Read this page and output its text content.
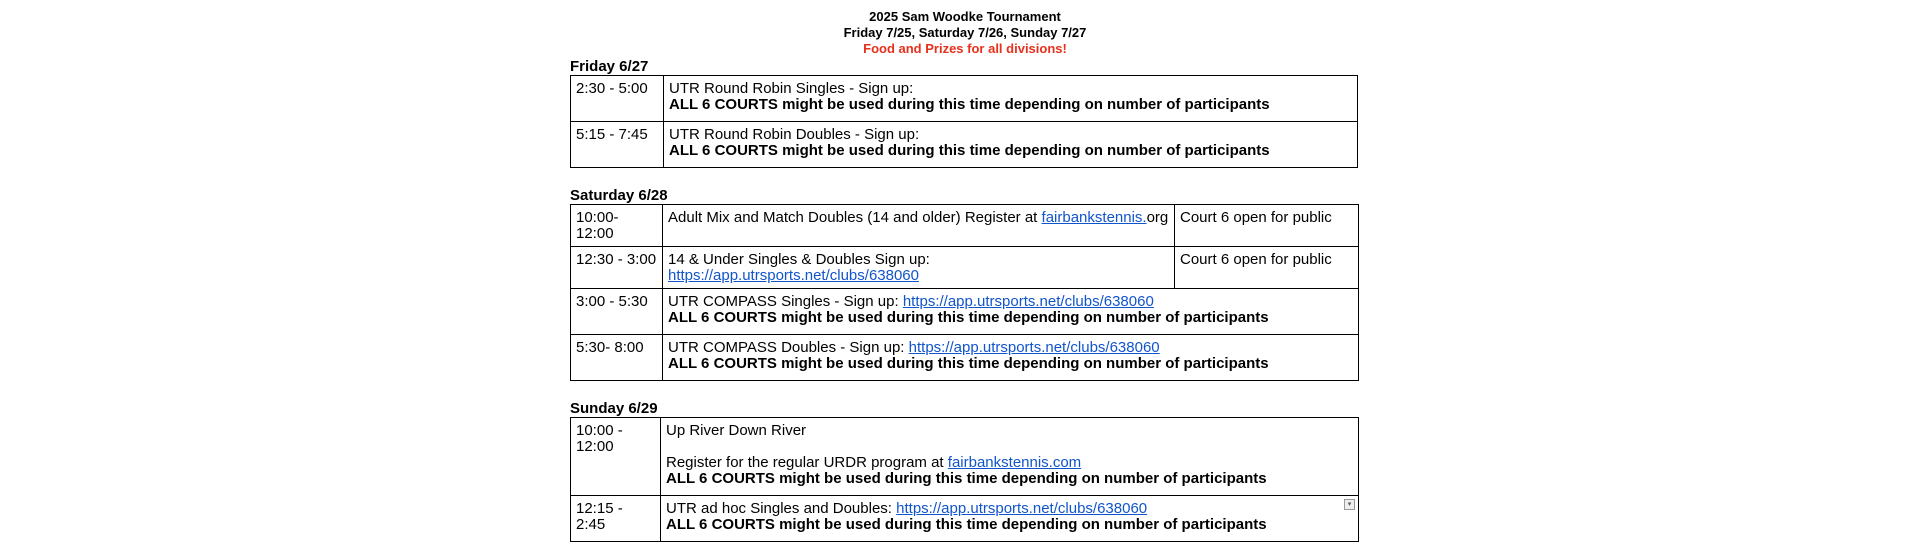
2025 Sam Woodke Tournament
Friday 7/25, Saturday 7/26, Sunday 7/27
Food and Prizes for all divisions!
Friday 6/27
2:30 - 5:00	UTR Round Robin Singles - Sign up:
ALL 6 COURTS might be used during this time depending on number of participants

5:15 - 7:45	UTR Round Robin Doubles - Sign up:
ALL 6 COURTS might be used during this time depending on number of participants
Saturday 6/28
10:00- 12:00	Adult Mix and Match Doubles (14 and older) Register at fairbankstennis.org	Court 6 open for public
12:30 - 3:00	14 & Under Singles & Doubles Sign up: https://app.utrsports.net/clubs/638060	Court 6 open for public
3:00 - 5:30	UTR COMPASS Singles - Sign up: https://app.utrsports.net/clubs/638060
ALL 6 COURTS might be used during this time depending on number of participants	

5:30- 8:00	UTR COMPASS Doubles - Sign up: https://app.utrsports.net/clubs/638060
ALL 6 COURTS might be used during this time depending on number of participants	
Sunday 6/29
10:00 - 12:00	Up River Down River
Register for the regular URDR program at fairbankstennis.com
ALL 6 COURTS might be used during this time depending on number of participants

12:15 - 2:45	UTR ad hoc Singles and Doubles: https://app.utrsports.net/clubs/638060
ALL 6 COURTS might be used during this time depending on number of participants
▾
